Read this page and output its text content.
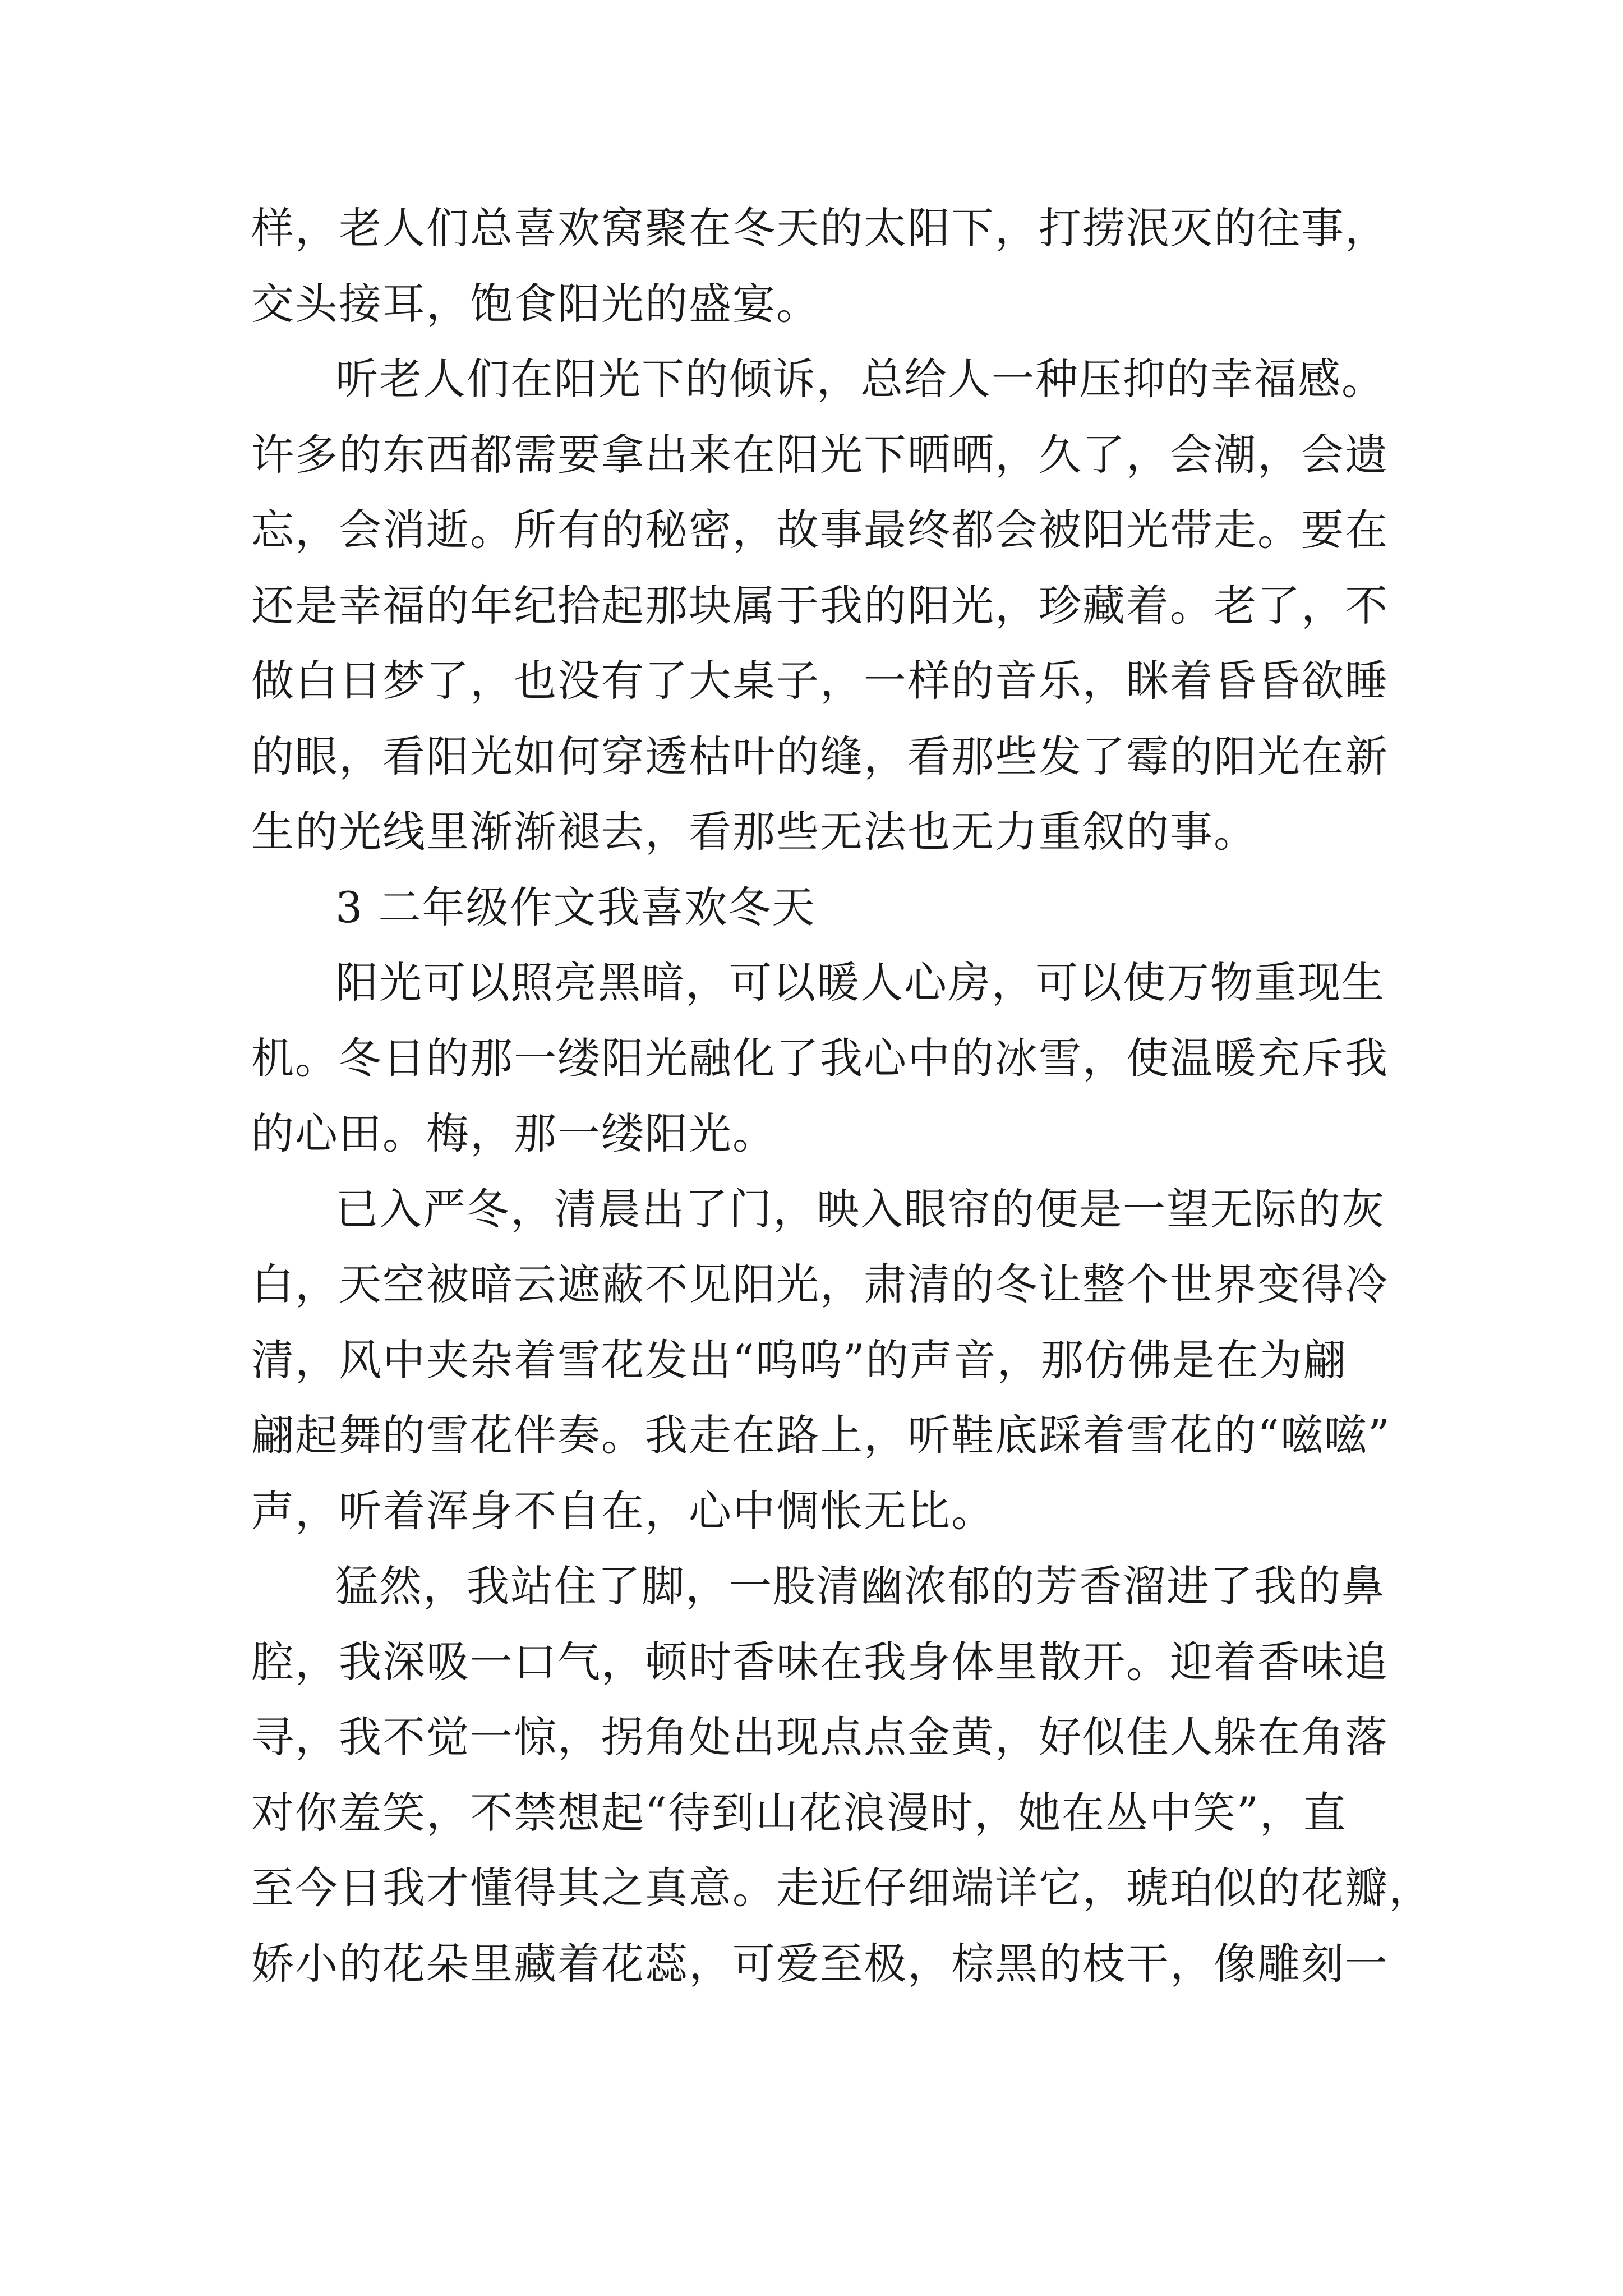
样，老人们总喜欢窝聚在冬天的太阳下，打捞泯灭的往事，
交头接耳，饱食阳光的盛宴。
听老人们在阳光下的倾诉，总给人一种压抑的幸福感。
许多的东西都需要拿出来在阳光下晒晒，久了，会潮，会遗
忘，会消逝。所有的秘密，故事最终都会被阳光带走。要在
还是幸福的年纪拾起那块属于我的阳光，珍藏着。老了，不
做白日梦了，也没有了大桌子，一样的音乐，眯着昏昏欲睡
的眼，看阳光如何穿透枯叶的缝，看那些发了霉的阳光在新
生的光线里渐渐褪去，看那些无法也无力重叙的事。
3 二年级作文我喜欢冬天
阳光可以照亮黑暗，可以暖人心房，可以使万物重现生
机。冬日的那一缕阳光融化了我心中的冰雪，使温暖充斥我
的心田。梅，那一缕阳光。
已入严冬，清晨出了门，映入眼帘的便是一望无际的灰
白，天空被暗云遮蔽不见阳光，肃清的冬让整个世界变得冷
清，风中夹杂着雪花发出“呜呜”的声音，那仿佛是在为翩
翩起舞的雪花伴奏。我走在路上，听鞋底踩着雪花的“嗞嗞”
声，听着浑身不自在，心中惆怅无比。
猛然，我站住了脚，一股清幽浓郁的芳香溜进了我的鼻
腔，我深吸一口气，顿时香味在我身体里散开。迎着香味追
寻，我不觉一惊，拐角处出现点点金黄，好似佳人躲在角落
对你羞笑，不禁想起“待到山花浪漫时，她在丛中笑”，直
至今日我才懂得其之真意。走近仔细端详它，琥珀似的花瓣，
娇小的花朵里藏着花蕊，可爱至极，棕黑的枝干，像雕刻一
